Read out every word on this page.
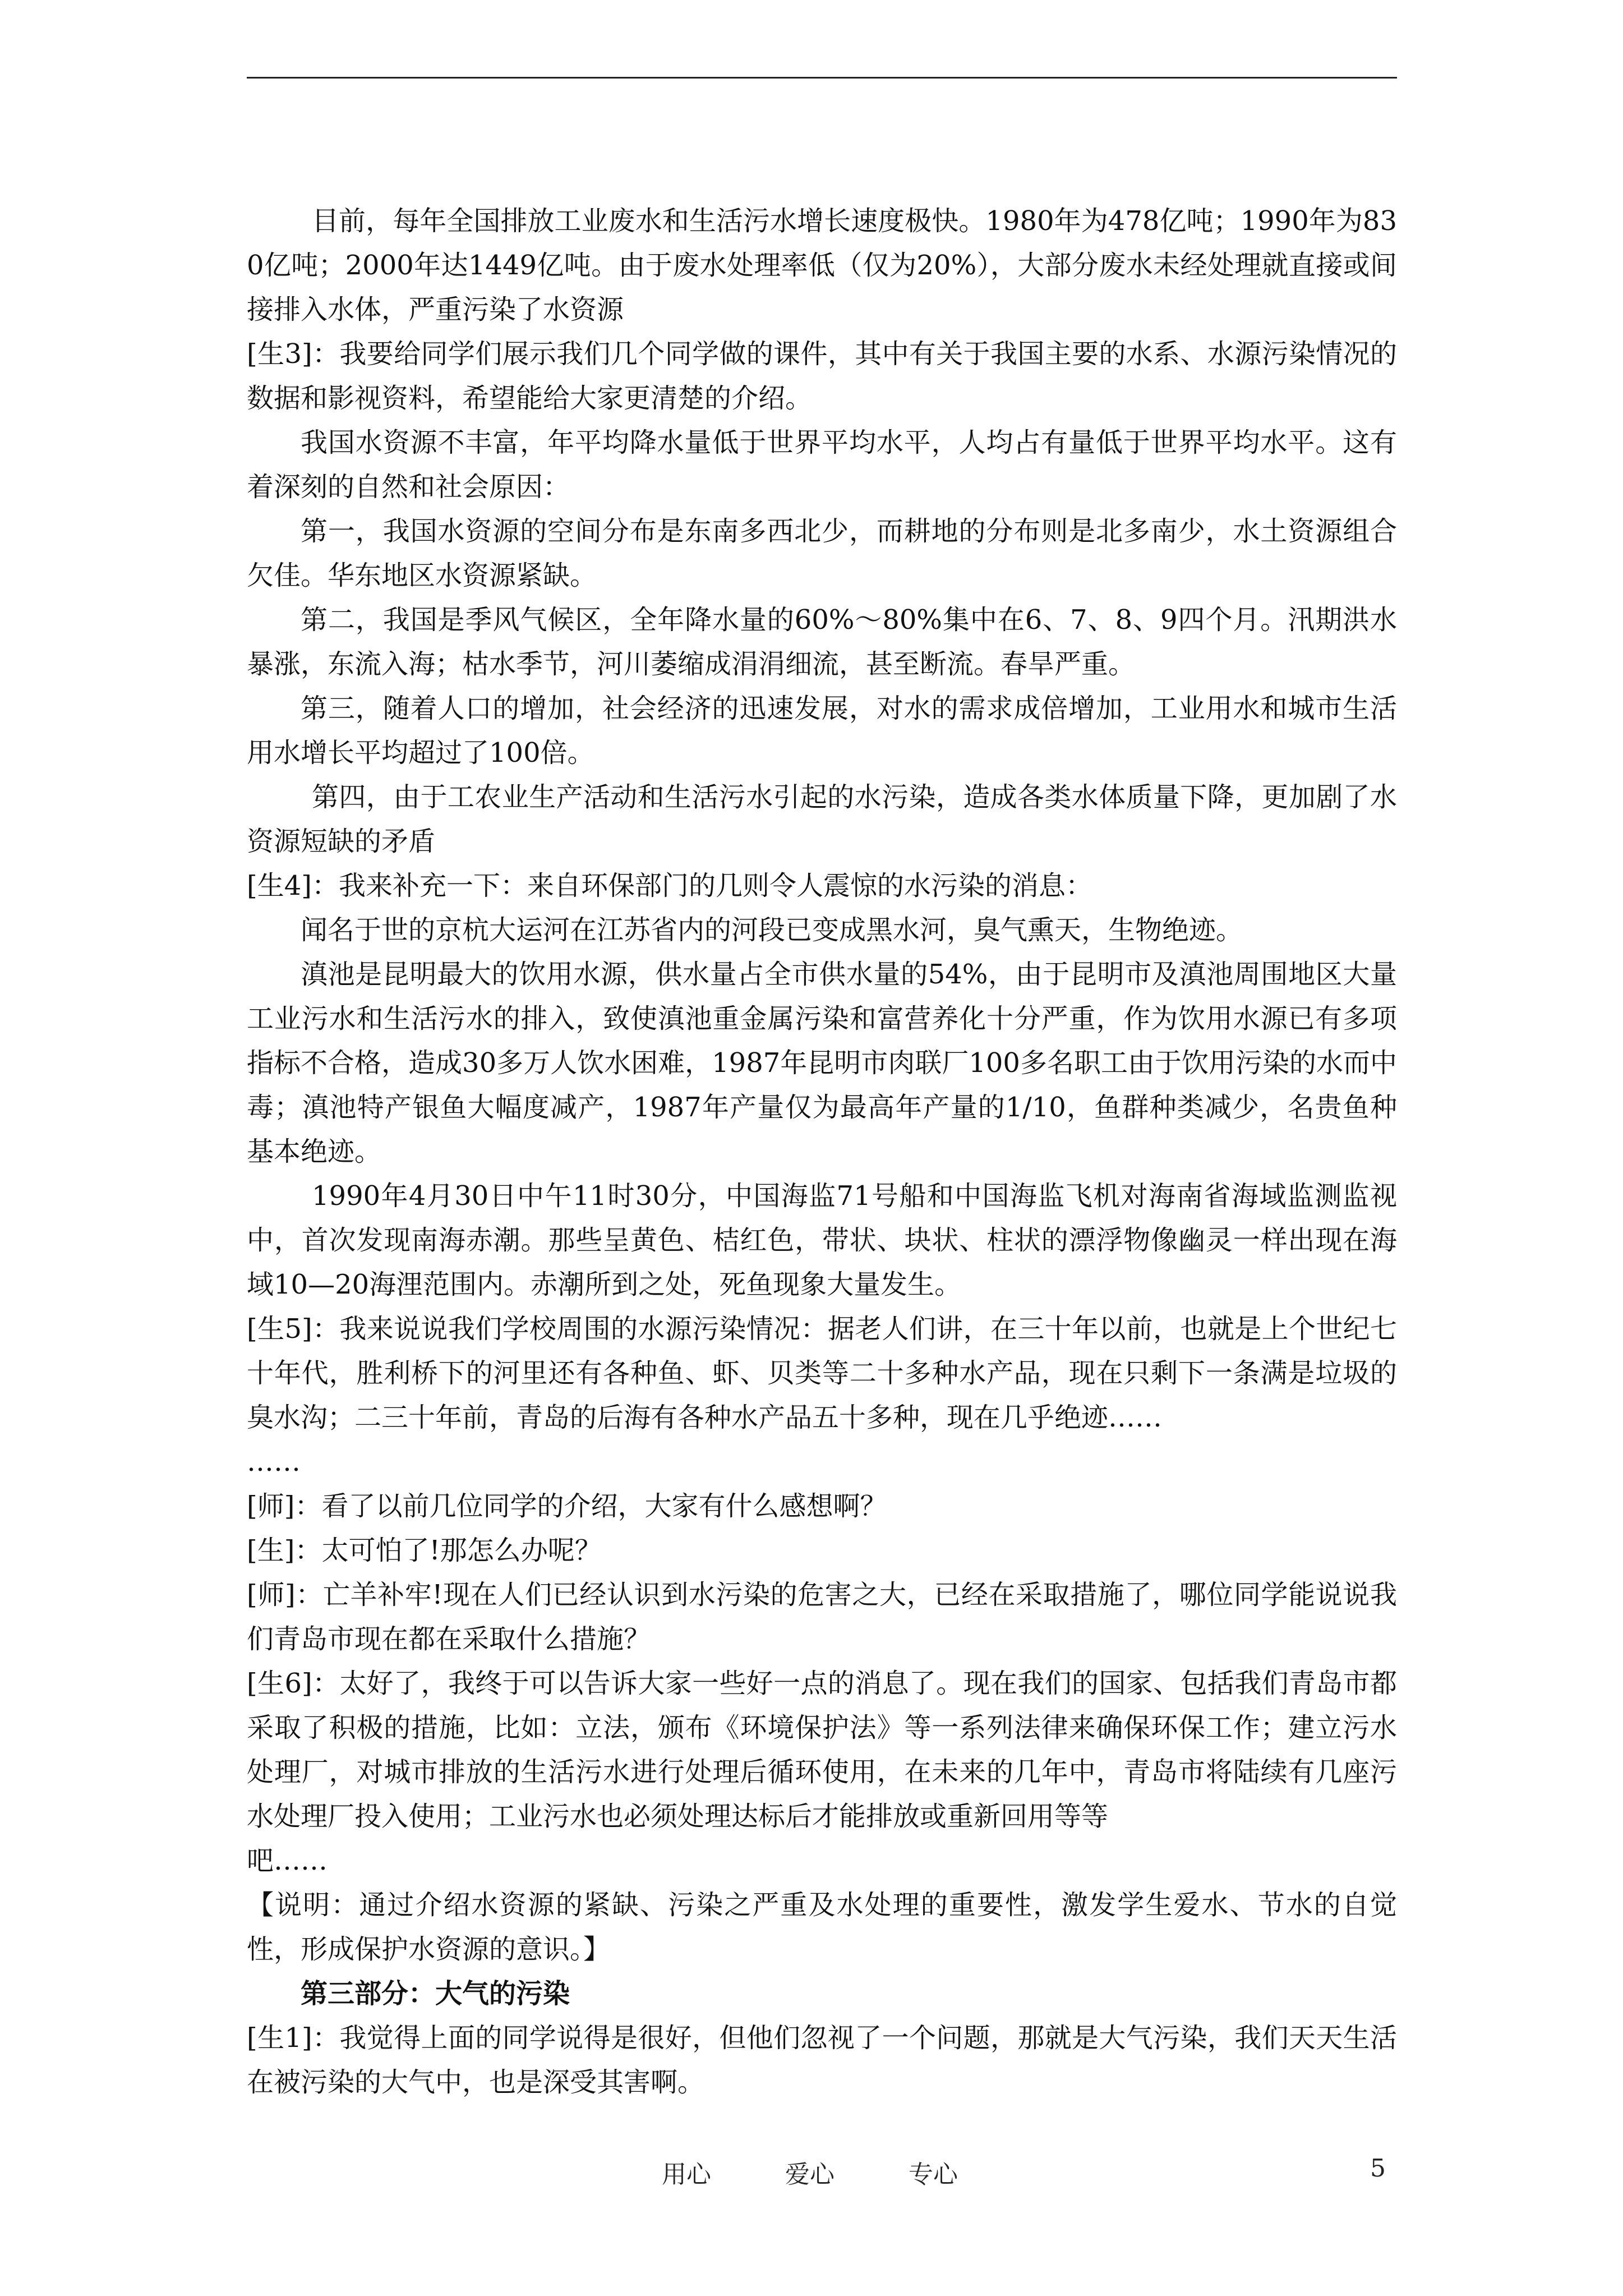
目前，每年全国排放工业废水和生活污水增长速度极快。1980年为478亿吨；1990年为830亿吨；2000年达1449亿吨。由于废水处理率低（仅为20%），大部分废水未经处理就直接或间接排入水体，严重污染了水资源

[生3]：我要给同学们展示我们几个同学做的课件，其中有关于我国主要的水系、水源污染情况的数据和影视资料，希望能给大家更清楚的介绍。

我国水资源不丰富，年平均降水量低于世界平均水平，人均占有量低于世界平均水平。这有着深刻的自然和社会原因：

第一，我国水资源的空间分布是东南多西北少，而耕地的分布则是北多南少，水土资源组合欠佳。华东地区水资源紧缺。

第二，我国是季风气候区，全年降水量的60%～80%集中在6、7、8、9四个月。汛期洪水暴涨，东流入海；枯水季节，河川萎缩成涓涓细流，甚至断流。春旱严重。

第三，随着人口的增加，社会经济的迅速发展，对水的需求成倍增加，工业用水和城市生活用水增长平均超过了100倍。

第四，由于工农业生产活动和生活污水引起的水污染，造成各类水体质量下降，更加剧了水资源短缺的矛盾

[生4]：我来补充一下：来自环保部门的几则令人震惊的水污染的消息：

闻名于世的京杭大运河在江苏省内的河段已变成黑水河，臭气熏天，生物绝迹。

滇池是昆明最大的饮用水源，供水量占全市供水量的54%，由于昆明市及滇池周围地区大量工业污水和生活污水的排入，致使滇池重金属污染和富营养化十分严重，作为饮用水源已有多项指标不合格，造成30多万人饮水困难，1987年昆明市肉联厂100多名职工由于饮用污染的水而中毒；滇池特产银鱼大幅度减产，1987年产量仅为最高年产量的1/10，鱼群种类减少，名贵鱼种基本绝迹。

1990年4月30日中午11时30分，中国海监71号船和中国海监飞机对海南省海域监测监视中，首次发现南海赤潮。那些呈黄色、桔红色，带状、块状、柱状的漂浮物像幽灵一样出现在海域10—20海浬范围内。赤潮所到之处，死鱼现象大量发生。

[生5]：我来说说我们学校周围的水源污染情况：据老人们讲，在三十年以前，也就是上个世纪七十年代，胜利桥下的河里还有各种鱼、虾、贝类等二十多种水产品，现在只剩下一条满是垃圾的臭水沟；二三十年前，青岛的后海有各种水产品五十多种，现在几乎绝迹……
……

[师]：看了以前几位同学的介绍，大家有什么感想啊？

[生]：太可怕了!那怎么办呢？

[师]：亡羊补牢!现在人们已经认识到水污染的危害之大，已经在采取措施了，哪位同学能说说我们青岛市现在都在采取什么措施？

[生6]：太好了，我终于可以告诉大家一些好一点的消息了。现在我们的国家、包括我们青岛市都采取了积极的措施，比如：立法，颁布《环境保护法》等一系列法律来确保环保工作；建立污水处理厂，对城市排放的生活污水进行处理后循环使用，在未来的几年中，青岛市将陆续有几座污水处理厂投入使用；工业污水也必须处理达标后才能排放或重新回用等等
吧……

【说明：通过介绍水资源的紧缺、污染之严重及水处理的重要性，激发学生爱水、节水的自觉性，形成保护水资源的意识。】

第三部分：大气的污染

[生1]：我觉得上面的同学说得是很好，但他们忽视了一个问题，那就是大气污染，我们天天生活在被污染的大气中，也是深受其害啊。

用心　　　爱心　　　专心	5
